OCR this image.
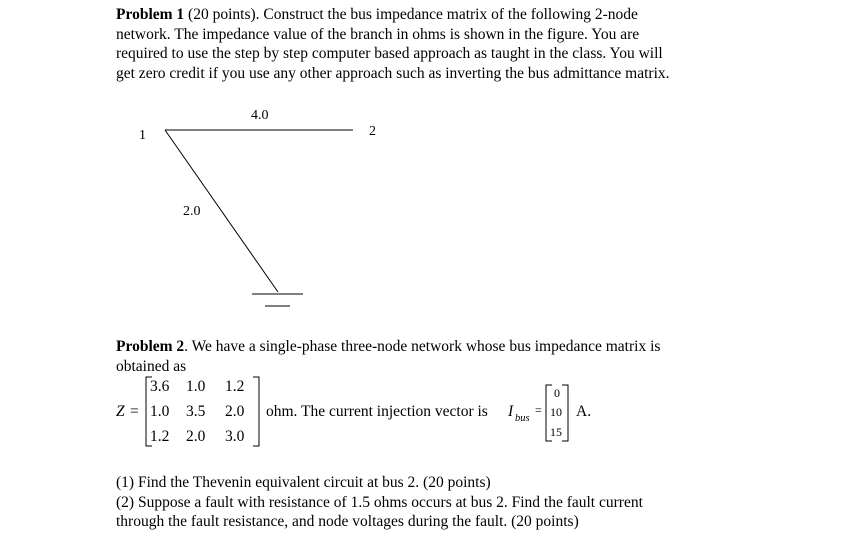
Problem 1 (20 points). Construct the bus impedance matrix of the following 2-node
network. The impedance value of the branch in ohms is shown in the figure. You are
required to use the step by step computer based approach as taught in the class. You will
get zero credit if you use any other approach such as inverting the bus admittance matrix.
4.0
1	2
2.0
Problem 2. We have a single-phase three-node network whose bus impedance matrix is
obtained as
Z =
3.6 1.0 1.2
1.0 3.5 2.0
1.2 2.0 3.0
ohm. The current injection vector is I bus
=
0
10
15
A.
(1) Find the Thevenin equivalent circuit at bus 2. (20 points)
(2) Suppose a fault with resistance of 1.5 ohms occurs at bus 2. Find the fault current
through the fault resistance, and node voltages during the fault. (20 points)
